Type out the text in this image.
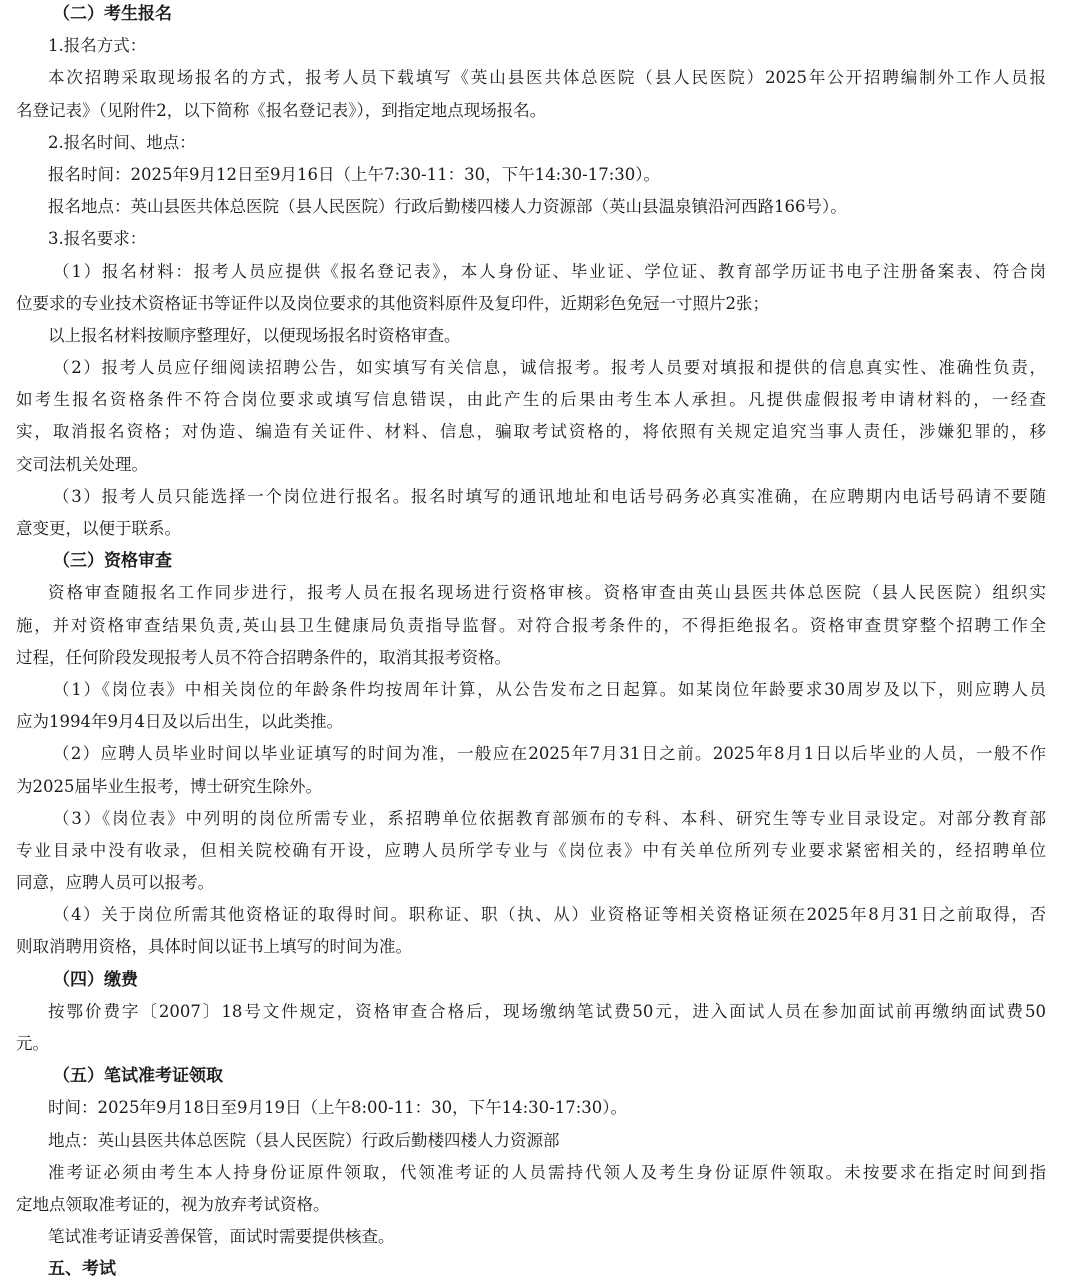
（二）考生报名
1.报名方式：
本次招聘采取现场报名的方式，报考人员下载填写《英山县医共体总医院（县人民医院）2025年公开招聘编制外工作人员报
名登记表》（见附件2，以下简称《报名登记表》），到指定地点现场报名。
2.报名时间、地点：
报名时间：2025年9月12日至9月16日（上午7:30-11：30，下午14:30-17:30）。
报名地点：英山县医共体总医院（县人民医院）行政后勤楼四楼人力资源部（英山县温泉镇沿河西路166号）。
3.报名要求：
（1）报名材料：报考人员应提供《报名登记表》，本人身份证、毕业证、学位证、教育部学历证书电子注册备案表、符合岗
位要求的专业技术资格证书等证件以及岗位要求的其他资料原件及复印件，近期彩色免冠一寸照片2张；
以上报名材料按顺序整理好，以便现场报名时资格审查。
（2）报考人员应仔细阅读招聘公告，如实填写有关信息，诚信报考。报考人员要对填报和提供的信息真实性、准确性负责，
如考生报名资格条件不符合岗位要求或填写信息错误，由此产生的后果由考生本人承担。凡提供虚假报考申请材料的，一经查
实，取消报名资格；对伪造、编造有关证件、材料、信息，骗取考试资格的，将依照有关规定追究当事人责任，涉嫌犯罪的，移
交司法机关处理。
（3）报考人员只能选择一个岗位进行报名。报名时填写的通讯地址和电话号码务必真实准确，在应聘期内电话号码请不要随
意变更，以便于联系。
（三）资格审查
资格审查随报名工作同步进行，报考人员在报名现场进行资格审核。资格审查由英山县医共体总医院（县人民医院）组织实
施，并对资格审查结果负责,英山县卫生健康局负责指导监督。对符合报考条件的，不得拒绝报名。资格审查贯穿整个招聘工作全
过程，任何阶段发现报考人员不符合招聘条件的，取消其报考资格。
（1）《岗位表》中相关岗位的年龄条件均按周年计算，从公告发布之日起算。如某岗位年龄要求30周岁及以下，则应聘人员
应为1994年9月4日及以后出生，以此类推。
（2）应聘人员毕业时间以毕业证填写的时间为准，一般应在2025年7月31日之前。2025年8月1日以后毕业的人员，一般不作
为2025届毕业生报考，博士研究生除外。
（3）《岗位表》中列明的岗位所需专业，系招聘单位依据教育部颁布的专科、本科、研究生等专业目录设定。对部分教育部
专业目录中没有收录，但相关院校确有开设，应聘人员所学专业与《岗位表》中有关单位所列专业要求紧密相关的，经招聘单位
同意，应聘人员可以报考。
（4）关于岗位所需其他资格证的取得时间。职称证、职（执、从）业资格证等相关资格证须在2025年8月31日之前取得，否
则取消聘用资格，具体时间以证书上填写的时间为准。
（四）缴费
按鄂价费字〔2007〕18号文件规定，资格审查合格后，现场缴纳笔试费50元，进入面试人员在参加面试前再缴纳面试费50
元。
（五）笔试准考证领取
时间：2025年9月18日至9月19日（上午8:00-11：30，下午14:30-17:30）。
地点：英山县医共体总医院（县人民医院）行政后勤楼四楼人力资源部
准考证必须由考生本人持身份证原件领取，代领准考证的人员需持代领人及考生身份证原件领取。未按要求在指定时间到指
定地点领取准考证的，视为放弃考试资格。
笔试准考证请妥善保管，面试时需要提供核查。
五、考试
